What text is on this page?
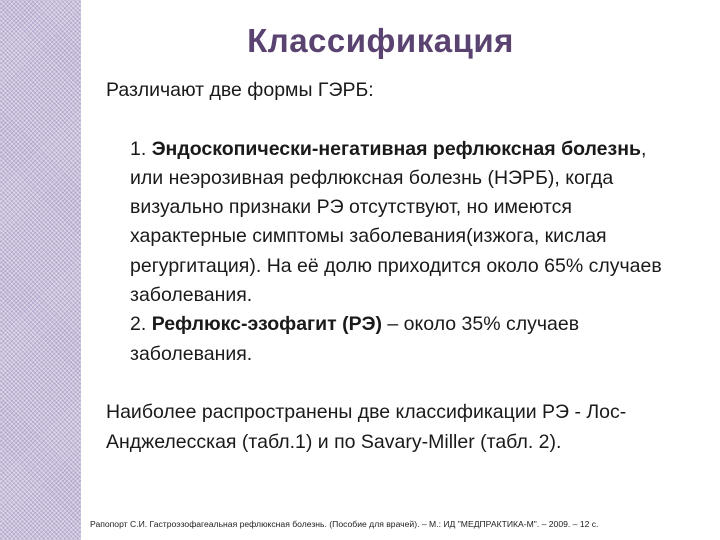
Классификация

Различают две формы ГЭРБ:

1. Эндоскопически-негативная рефлюксная болезнь, или неэрозивная рефлюксная болезнь (НЭРБ), когда визуально признаки РЭ отсутствуют, но имеются характерные симптомы заболевания(изжога, кислая регургитация). На её долю приходится около 65% случаев заболевания.

2. Рефлюкс-эзофагит (РЭ) – около 35% случаев заболевания.

Наиболее распространены две классификации РЭ - Лос-Анджелесская (табл.1) и по Savary-Miller (табл. 2).

Рапопорт С.И. Гастроэзофагеальная рефлюксная болезнь. (Пособие для врачей). – М.: ИД "МЕДПРАКТИКА-М". – 2009. – 12 с.
